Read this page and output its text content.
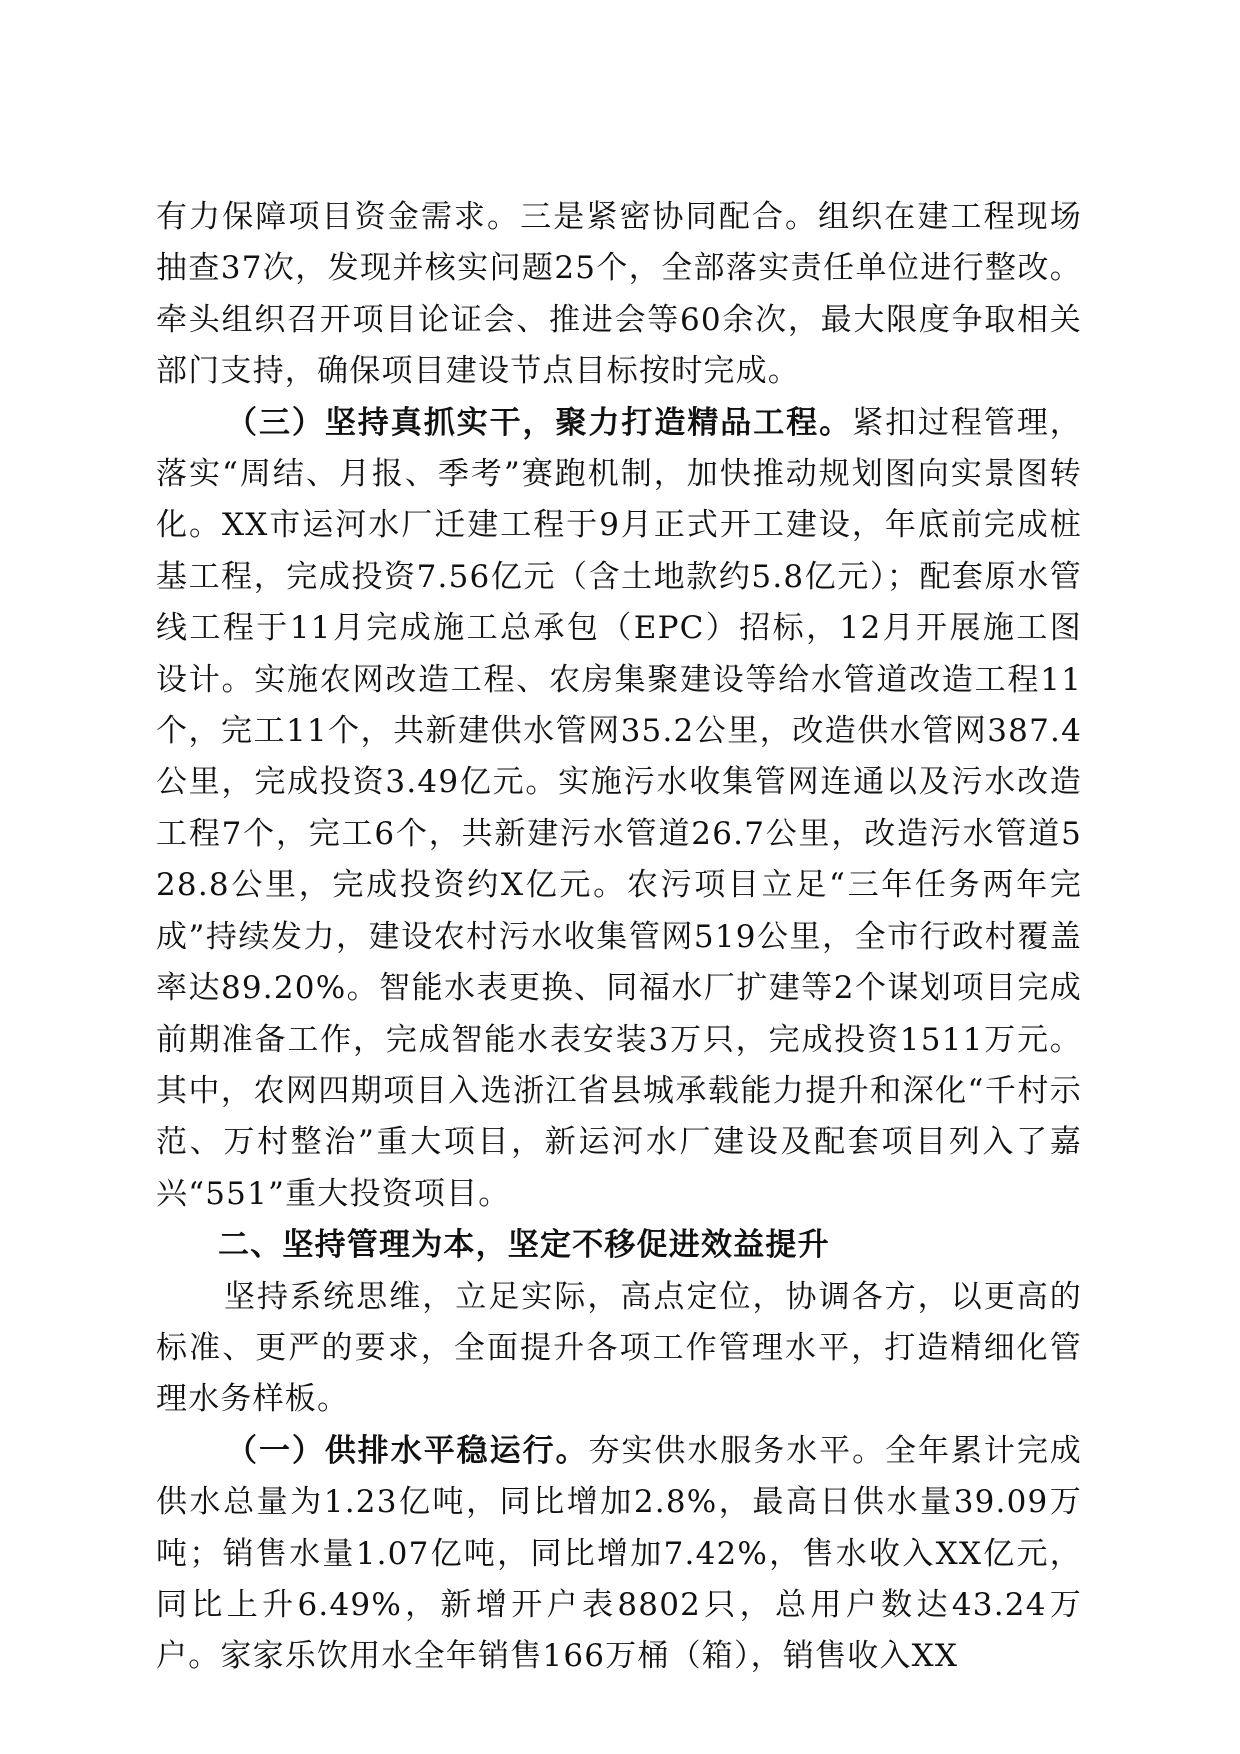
有力保障项目资金需求。三是紧密协同配合。组织在建工程现场抽查37次，发现并核实问题25个，全部落实责任单位进行整改。牵头组织召开项目论证会、推进会等60余次，最大限度争取相关部门支持，确保项目建设节点目标按时完成。

（三）坚持真抓实干，聚力打造精品工程。紧扣过程管理，落实“周结、月报、季考”赛跑机制，加快推动规划图向实景图转化。XX市运河水厂迁建工程于9月正式开工建设，年底前完成桩基工程，完成投资7.56亿元（含土地款约5.8亿元）；配套原水管线工程于11月完成施工总承包（EPC）招标，12月开展施工图设计。实施农网改造工程、农房集聚建设等给水管道改造工程11个，完工11个，共新建供水管网35.2公里，改造供水管网387.4公里，完成投资3.49亿元。实施污水收集管网连通以及污水改造工程7个，完工6个，共新建污水管道26.7公里，改造污水管道528.8公里，完成投资约X亿元。农污项目立足“三年任务两年完成”持续发力，建设农村污水收集管网519公里，全市行政村覆盖率达89.20%。智能水表更换、同福水厂扩建等2个谋划项目完成前期准备工作，完成智能水表安装3万只，完成投资1511万元。其中，农网四期项目入选浙江省县城承载能力提升和深化“千村示范、万村整治”重大项目，新运河水厂建设及配套项目列入了嘉兴“551”重大投资项目。

二、坚持管理为本，坚定不移促进效益提升

坚持系统思维，立足实际，高点定位，协调各方，以更高的标准、更严的要求，全面提升各项工作管理水平，打造精细化管理水务样板。

（一）供排水平稳运行。夯实供水服务水平。全年累计完成供水总量为1.23亿吨，同比增加2.8%，最高日供水量39.09万吨；销售水量1.07亿吨，同比增加7.42%，售水收入XX亿元，同比上升6.49%，新增开户表8802只，总用户数达43.24万户。家家乐饮用水全年销售166万桶（箱），销售收入XX
